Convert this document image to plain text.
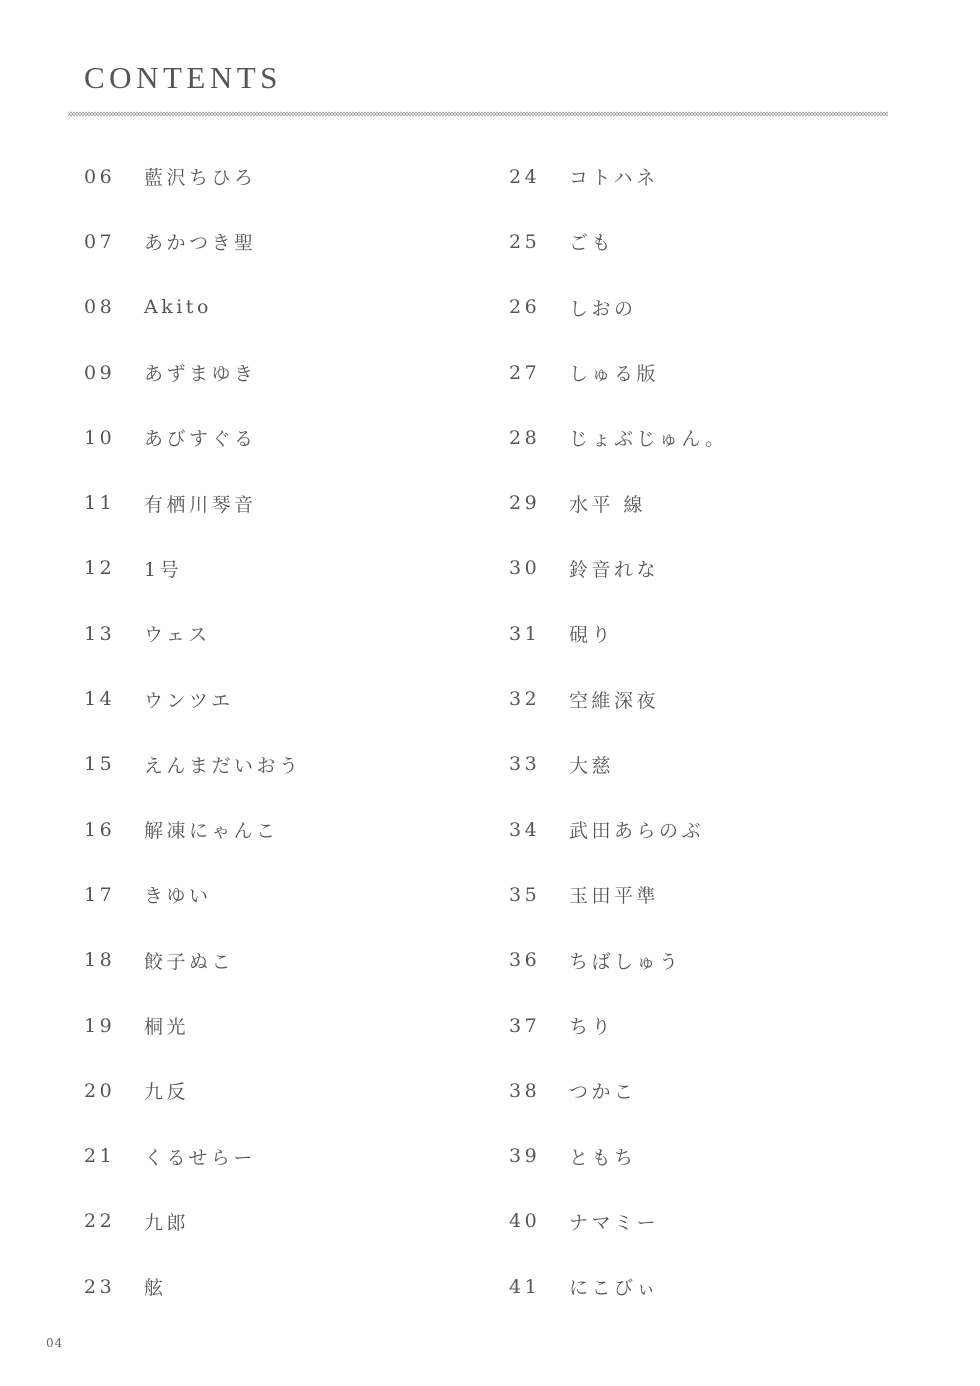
CONTENTS
06	藍沢ちひろ
07	あかつき聖
08	Akito
09	あずまゆき
10	あびすぐる
11	有栖川琴音
12	1号
13	ウェス
14	ウンツエ
15	えんまだいおう
16	解凍にゃんこ
17	きゆい
18	餃子ぬこ
19	桐光
20	九反
21	くるせらー
22	九郎
23	舷
24	コトハネ
25	ごも
26	しおの
27	しゅる版
28	じょぶじゅん。
29	水平 線
30	鈴音れな
31	硯り
32	空維深夜
33	大慈
34	武田あらのぶ
35	玉田平準
36	ちばしゅう
37	ちり
38	つかこ
39	ともち
40	ナマミー
41	にこびぃ
04
